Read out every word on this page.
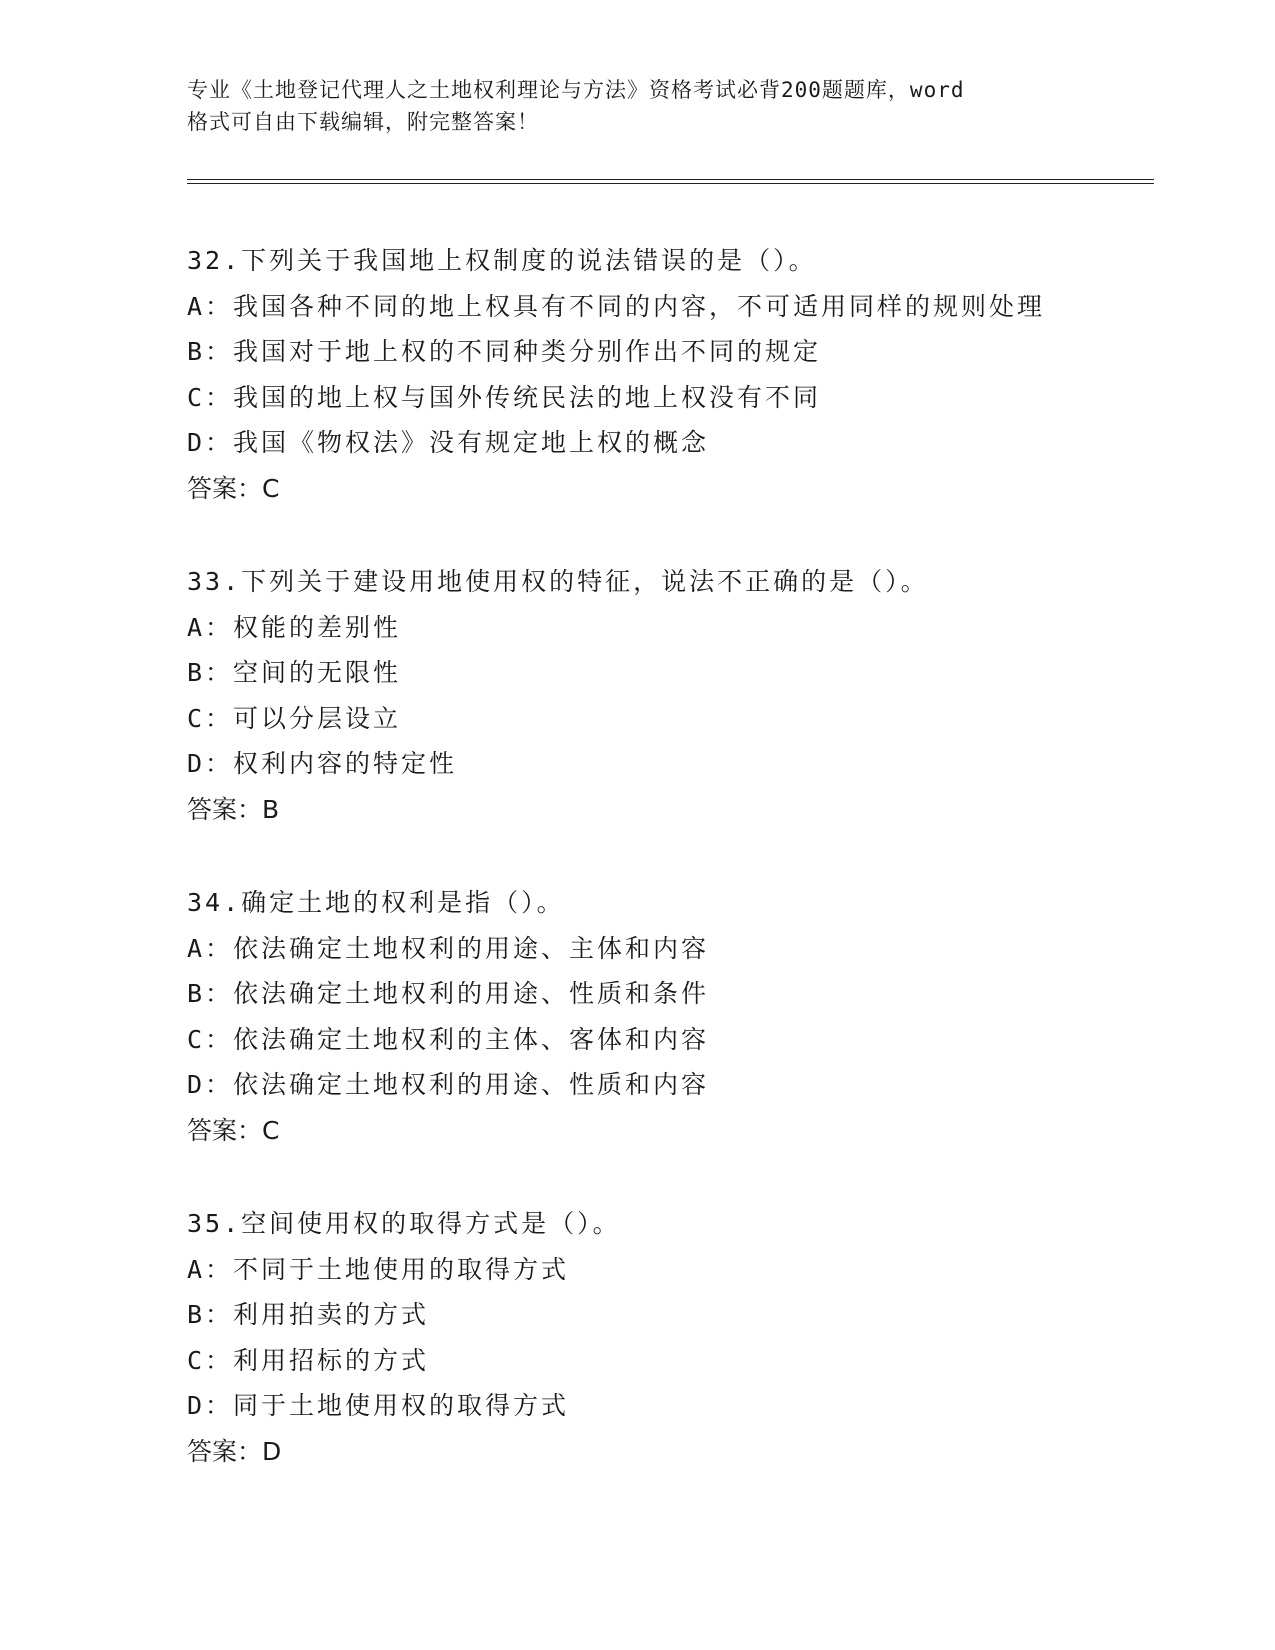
专业《土地登记代理人之土地权利理论与方法》资格考试必背200题题库，word
格式可自由下载编辑，附完整答案！
32.下列关于我国地上权制度的说法错误的是（）。
A：我国各种不同的地上权具有不同的内容，不可适用同样的规则处理
B：我国对于地上权的不同种类分别作出不同的规定
C：我国的地上权与国外传统民法的地上权没有不同
D：我国《物权法》没有规定地上权的概念
答案：C
33.下列关于建设用地使用权的特征，说法不正确的是（）。
A：权能的差别性
B：空间的无限性
C：可以分层设立
D：权利内容的特定性
答案：B
34.确定土地的权利是指（）。
A：依法确定土地权利的用途、主体和内容
B：依法确定土地权利的用途、性质和条件
C：依法确定土地权利的主体、客体和内容
D：依法确定土地权利的用途、性质和内容
答案：C
35.空间使用权的取得方式是（）。
A：不同于土地使用的取得方式
B：利用拍卖的方式
C：利用招标的方式
D：同于土地使用权的取得方式
答案：D
